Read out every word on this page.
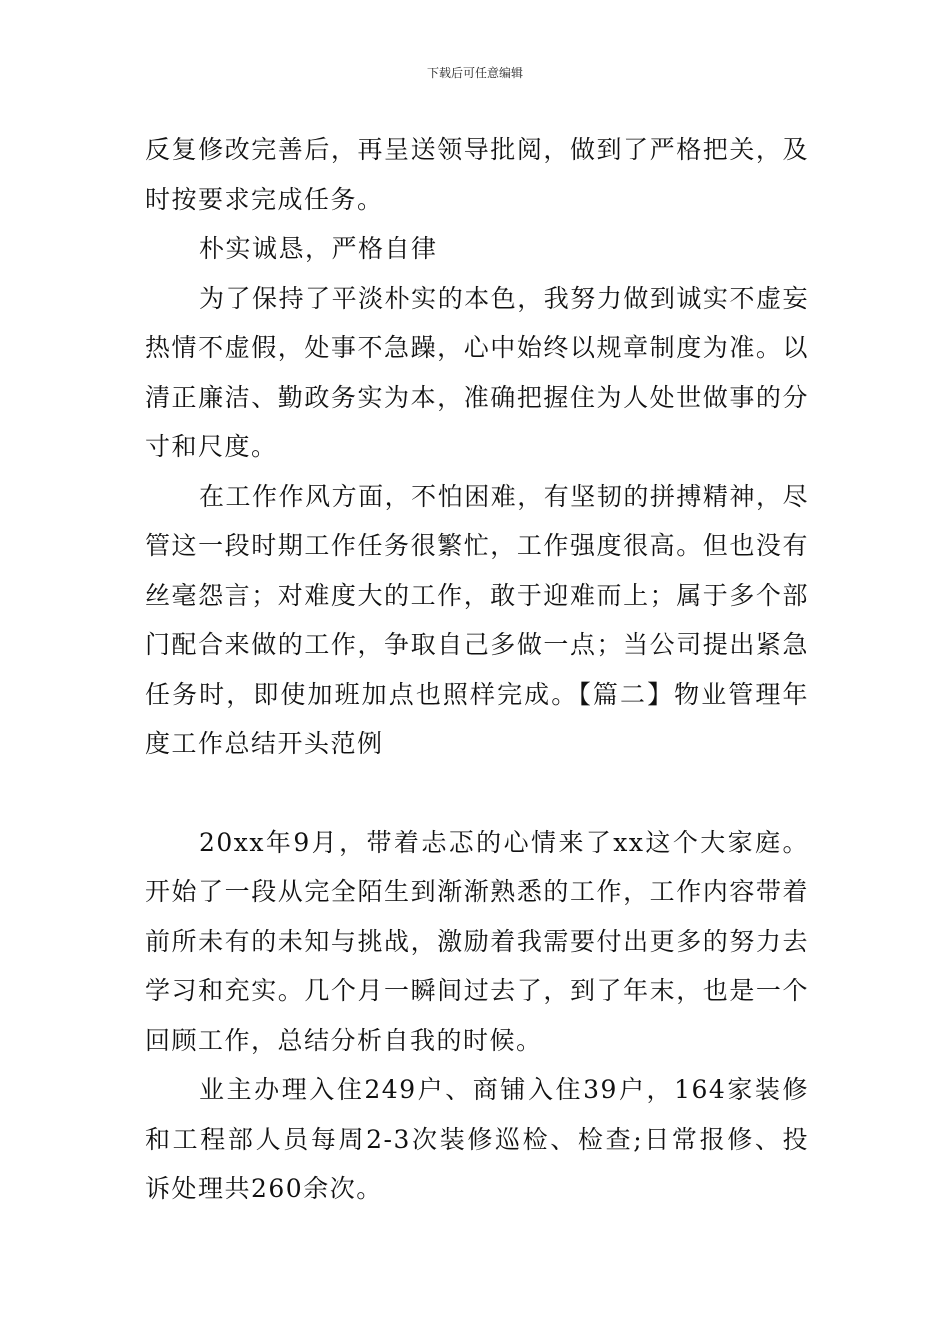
下载后可任意编辑

反复修改完善后，再呈送领导批阅，做到了严格把关，及时按要求完成任务。

朴实诚恳，严格自律

为了保持了平淡朴实的本色，我努力做到诚实不虚妄热情不虚假，处事不急躁，心中始终以规章制度为准。以清正廉洁、勤政务实为本，准确把握住为人处世做事的分寸和尺度。

在工作作风方面，不怕困难，有坚韧的拼搏精神，尽管这一段时期工作任务很繁忙，工作强度很高。但也没有丝毫怨言；对难度大的工作，敢于迎难而上；属于多个部门配合来做的工作，争取自己多做一点；当公司提出紧急任务时，即使加班加点也照样完成。【篇二】物业管理年度工作总结开头范例

20xx年9月，带着忐忑的心情来了xx这个大家庭。开始了一段从完全陌生到渐渐熟悉的工作，工作内容带着前所未有的未知与挑战，激励着我需要付出更多的努力去学习和充实。几个月一瞬间过去了，到了年末，也是一个回顾工作，总结分析自我的时候。

业主办理入住249户、商铺入住39户，164家装修和工程部人员每周2-3次装修巡检、检查;日常报修、投诉处理共260余次。
